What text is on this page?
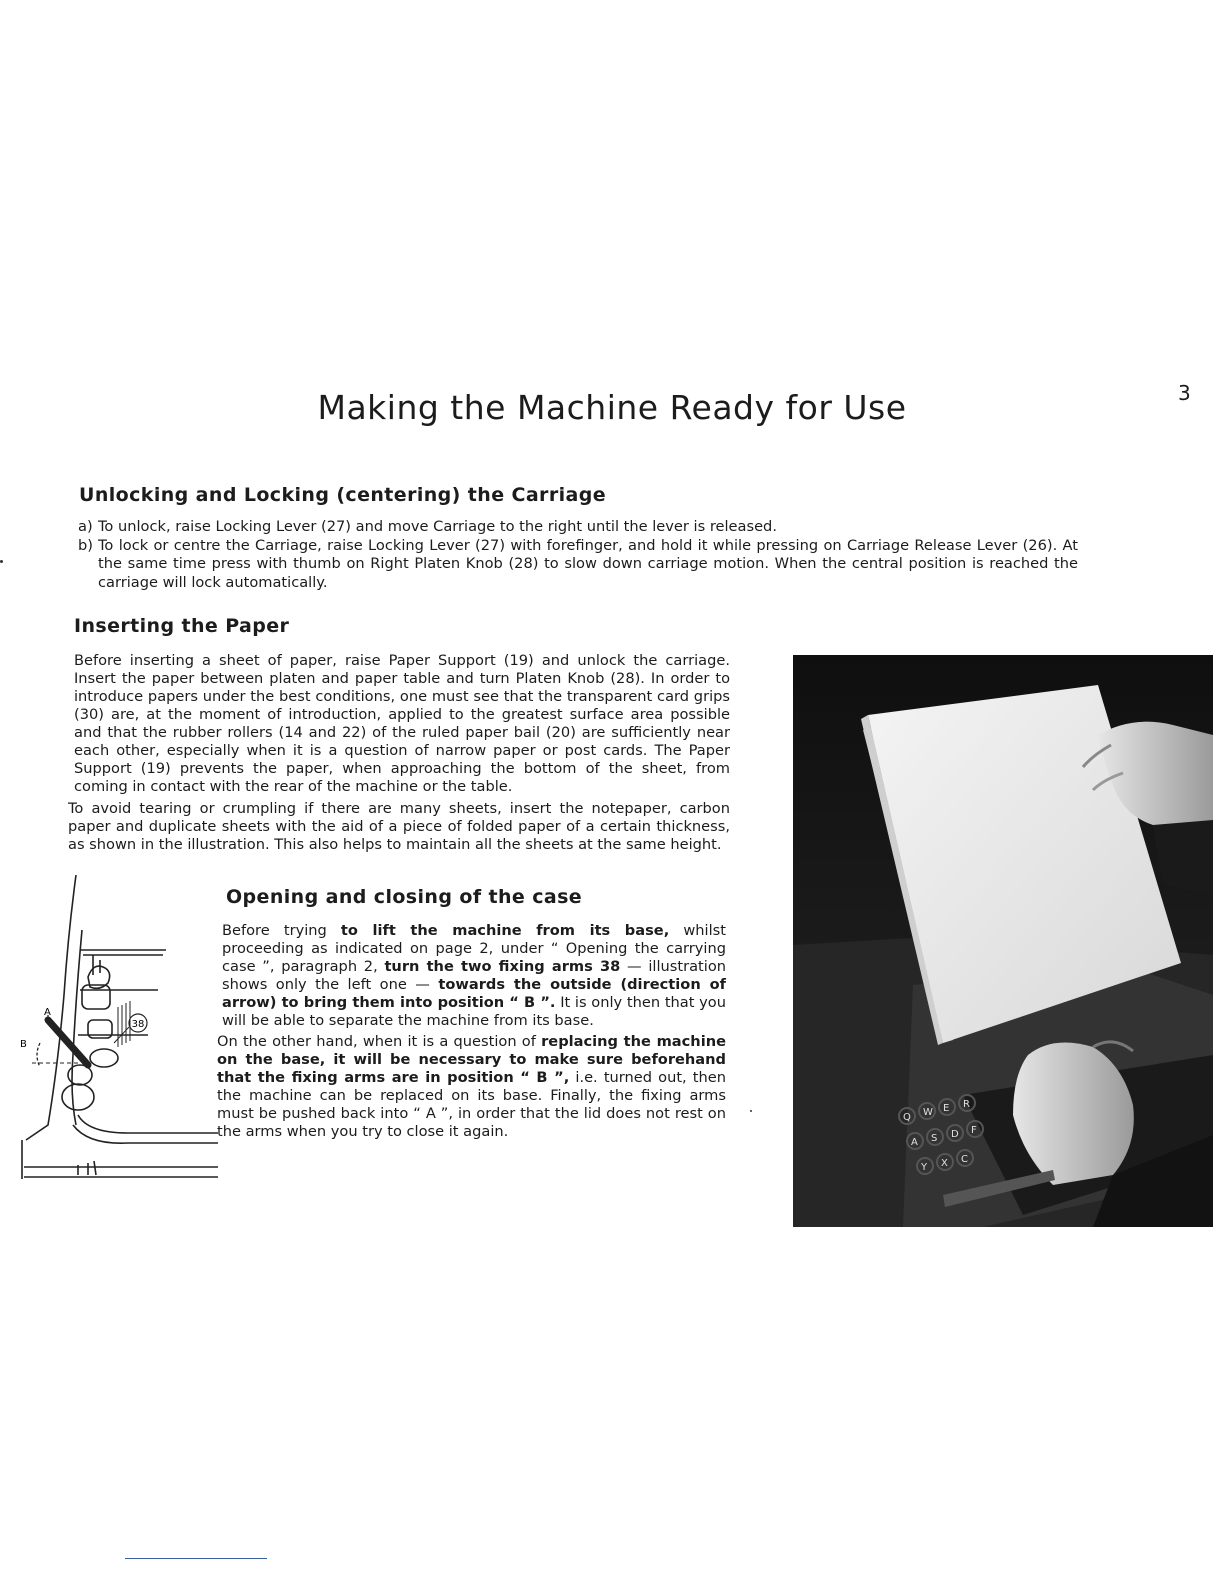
Making the Machine Ready for Use	3
Unlocking and Locking (centering) the Carriage
a) To unlock, raise Locking Lever (27) and move Carriage to the right until the lever is released.
b) To lock or centre the Carriage, raise Locking Lever (27) with forefinger, and hold it while pressing on Carriage Release Lever (26). At the same time press with thumb on Right Platen Knob (28) to slow down carriage motion. When the central position is reached the carriage will lock automatically.
Inserting the Paper
Before inserting a sheet of paper, raise Paper Support (19) and unlock the carriage. Insert the paper between platen and paper table and turn Platen Knob (28). In order to introduce papers under the best conditions, one must see that the transparent card grips (30) are, at the moment of introduction, applied to the greatest surface area possible and that the rubber rollers (14 and 22) of the ruled paper bail (20) are sufficiently near each other, especially when it is a question of narrow paper or post cards. The Paper Support (19) prevents the paper, when approaching the bottom of the sheet, from coming in contact with the rear of the machine or the table.
To avoid tearing or crumpling if there are many sheets, insert the notepaper, carbon paper and duplicate sheets with the aid of a piece of folded paper of a certain thickness, as shown in the illustration. This also helps to maintain all the sheets at the same height.
Opening and closing of the case
Before trying to lift the machine from its base, whilst proceeding as indicated on page 2, under “ Opening the carrying case ”, paragraph 2, turn the two fixing arms 38 — illustration shows only the left one — towards the outside (direction of arrow) to bring them into position “ B ”. It is only then that you will be able to separate the machine from its base.
On the other hand, when it is a question of replacing the machine on the base, it will be necessary to make sure beforehand that the fixing arms are in position “ B ”, i.e. turned out, then the machine can be replaced on its base. Finally, the fixing arms must be pushed back into “ A ”, in order that the lid does not rest on the arms when you try to close it again.
38
A
B
Q W E R
A S D F
Y X C
